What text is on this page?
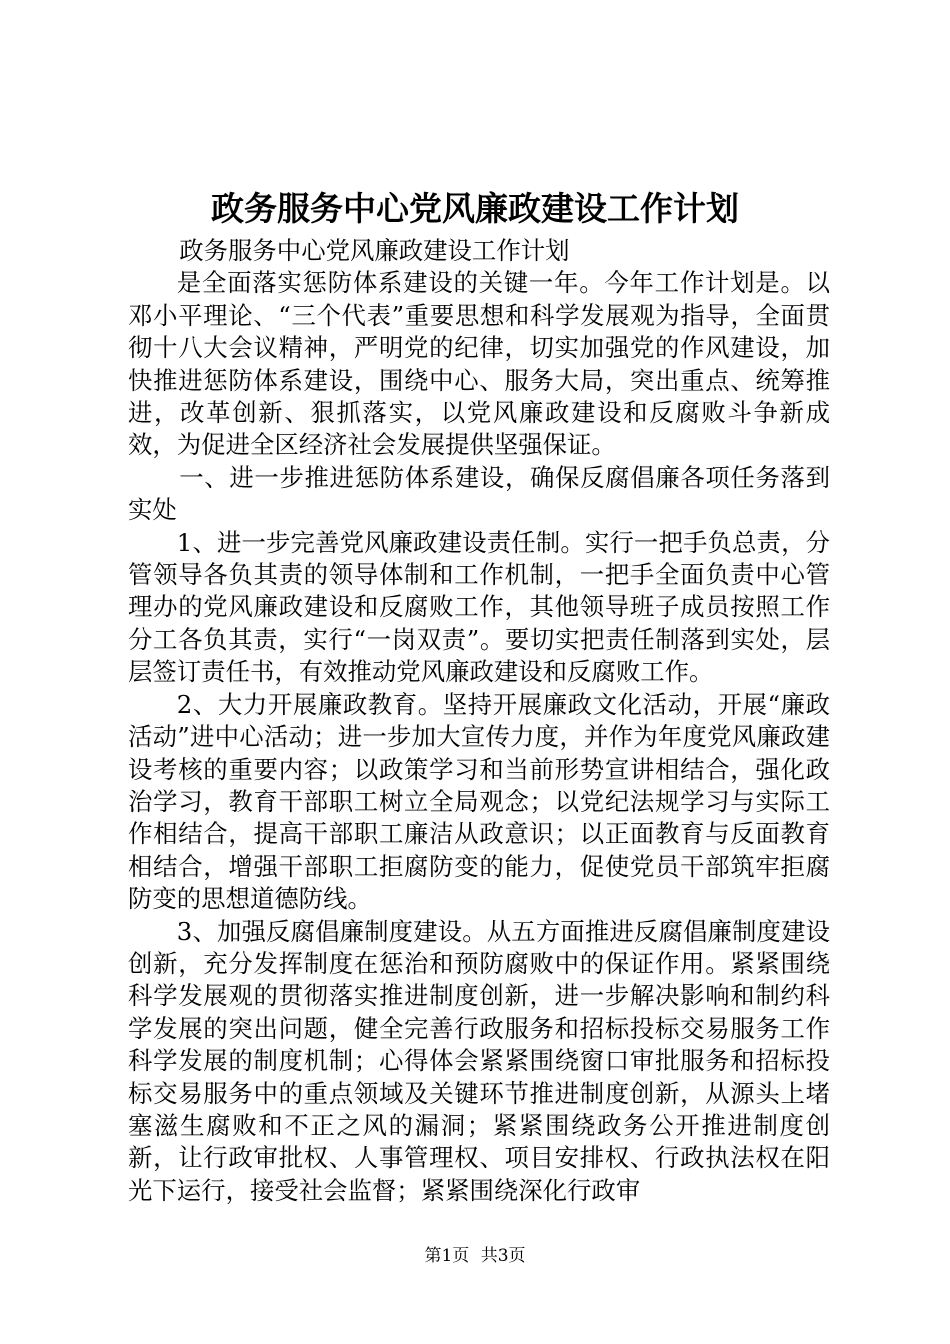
政务服务中心党风廉政建设工作计划

政务服务中心党风廉政建设工作计划

是全面落实惩防体系建设的关键一年。今年工作计划是。以邓小平理论、“三个代表”重要思想和科学发展观为指导，全面贯彻十八大会议精神，严明党的纪律，切实加强党的作风建设，加快推进惩防体系建设，围绕中心、服务大局，突出重点、统筹推进，改革创新、狠抓落实，以党风廉政建设和反腐败斗争新成效，为促进全区经济社会发展提供坚强保证。

一、进一步推进惩防体系建设，确保反腐倡廉各项任务落到实处

1、进一步完善党风廉政建设责任制。实行一把手负总责，分管领导各负其责的领导体制和工作机制，一把手全面负责中心管理办的党风廉政建设和反腐败工作，其他领导班子成员按照工作分工各负其责，实行“一岗双责”。要切实把责任制落到实处，层层签订责任书，有效推动党风廉政建设和反腐败工作。

2、大力开展廉政教育。坚持开展廉政文化活动，开展“廉政活动”进中心活动；进一步加大宣传力度，并作为年度党风廉政建设考核的重要内容；以政策学习和当前形势宣讲相结合，强化政治学习，教育干部职工树立全局观念；以党纪法规学习与实际工作相结合，提高干部职工廉洁从政意识；以正面教育与反面教育相结合，增强干部职工拒腐防变的能力，促使党员干部筑牢拒腐防变的思想道德防线。

3、加强反腐倡廉制度建设。从五方面推进反腐倡廉制度建设创新，充分发挥制度在惩治和预防腐败中的保证作用。紧紧围绕科学发展观的贯彻落实推进制度创新，进一步解决影响和制约科学发展的突出问题，健全完善行政服务和招标投标交易服务工作科学发展的制度机制；心得体会紧紧围绕窗口审批服务和招标投标交易服务中的重点领域及关键环节推进制度创新，从源头上堵塞滋生腐败和不正之风的漏洞；紧紧围绕政务公开推进制度创新，让行政审批权、人事管理权、项目安排权、行政执法权在阳光下运行，接受社会监督；紧紧围绕深化行政审

第1页 共3页
